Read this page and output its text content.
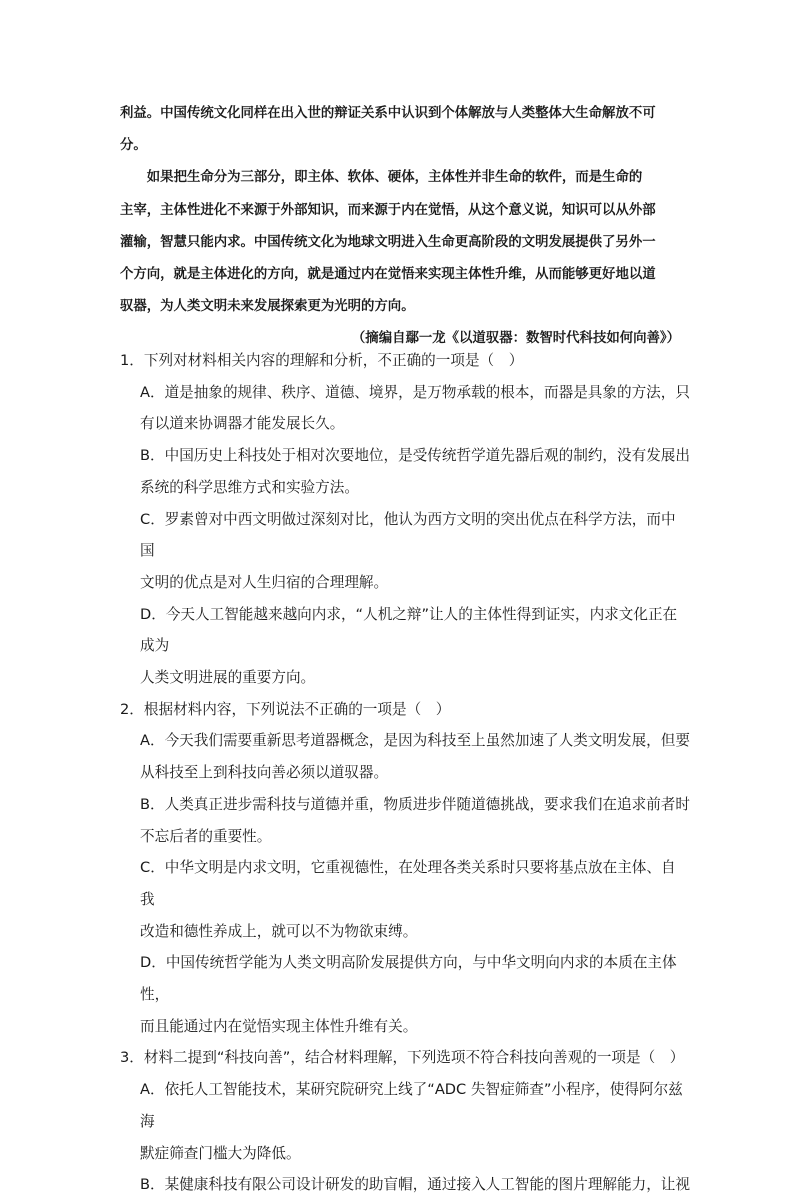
利益。中国传统文化同样在出入世的辩证关系中认识到个体解放与人类整体大生命解放不可
分。

如果把生命分为三部分，即主体、软体、硬体，主体性并非生命的软件，而是生命的
主宰，主体性进化不来源于外部知识，而来源于内在觉悟，从这个意义说，知识可以从外部
灌输，智慧只能内求。中国传统文化为地球文明进入生命更高阶段的文明发展提供了另外一
个方向，就是主体进化的方向，就是通过内在觉悟来实现主体性升维，从而能够更好地以道
驭器，为人类文明未来发展探索更为光明的方向。

（摘编自鄢一龙《以道驭器：数智时代科技如何向善》）
1．下列对材料相关内容的理解和分析，不正确的一项是（　）
A．道是抽象的规律、秩序、道德、境界，是万物承载的根本，而器是具象的方法，只
有以道来协调器才能发展长久。
B．中国历史上科技处于相对次要地位，是受传统哲学道先器后观的制约，没有发展出
系统的科学思维方式和实验方法。
C．罗素曾对中西文明做过深刻对比，他认为西方文明的突出优点在科学方法，而中国
文明的优点是对人生归宿的合理理解。
D．今天人工智能越来越向内求，“人机之辩”让人的主体性得到证实，内求文化正在成为
人类文明进展的重要方向。
2．根据材料内容，下列说法不正确的一项是（　）
A．今天我们需要重新思考道器概念，是因为科技至上虽然加速了人类文明发展，但要
从科技至上到科技向善必须以道驭器。
B．人类真正进步需科技与道德并重，物质进步伴随道德挑战，要求我们在追求前者时
不忘后者的重要性。
C．中华文明是内求文明，它重视德性，在处理各类关系时只要将基点放在主体、自我
改造和德性养成上，就可以不为物欲束缚。
D．中国传统哲学能为人类文明高阶发展提供方向，与中华文明向内求的本质在主体性，
而且能通过内在觉悟实现主体性升维有关。
3．材料二提到“科技向善”，结合材料理解，下列选项不符合科技向善观的一项是（　）
A．依托人工智能技术，某研究院研究上线了“ADC 失智症筛查”小程序，使得阿尔兹海
默症筛查门槛大为降低。
B．某健康科技有限公司设计研发的助盲帽，通过接入人工智能的图片理解能力，让视
